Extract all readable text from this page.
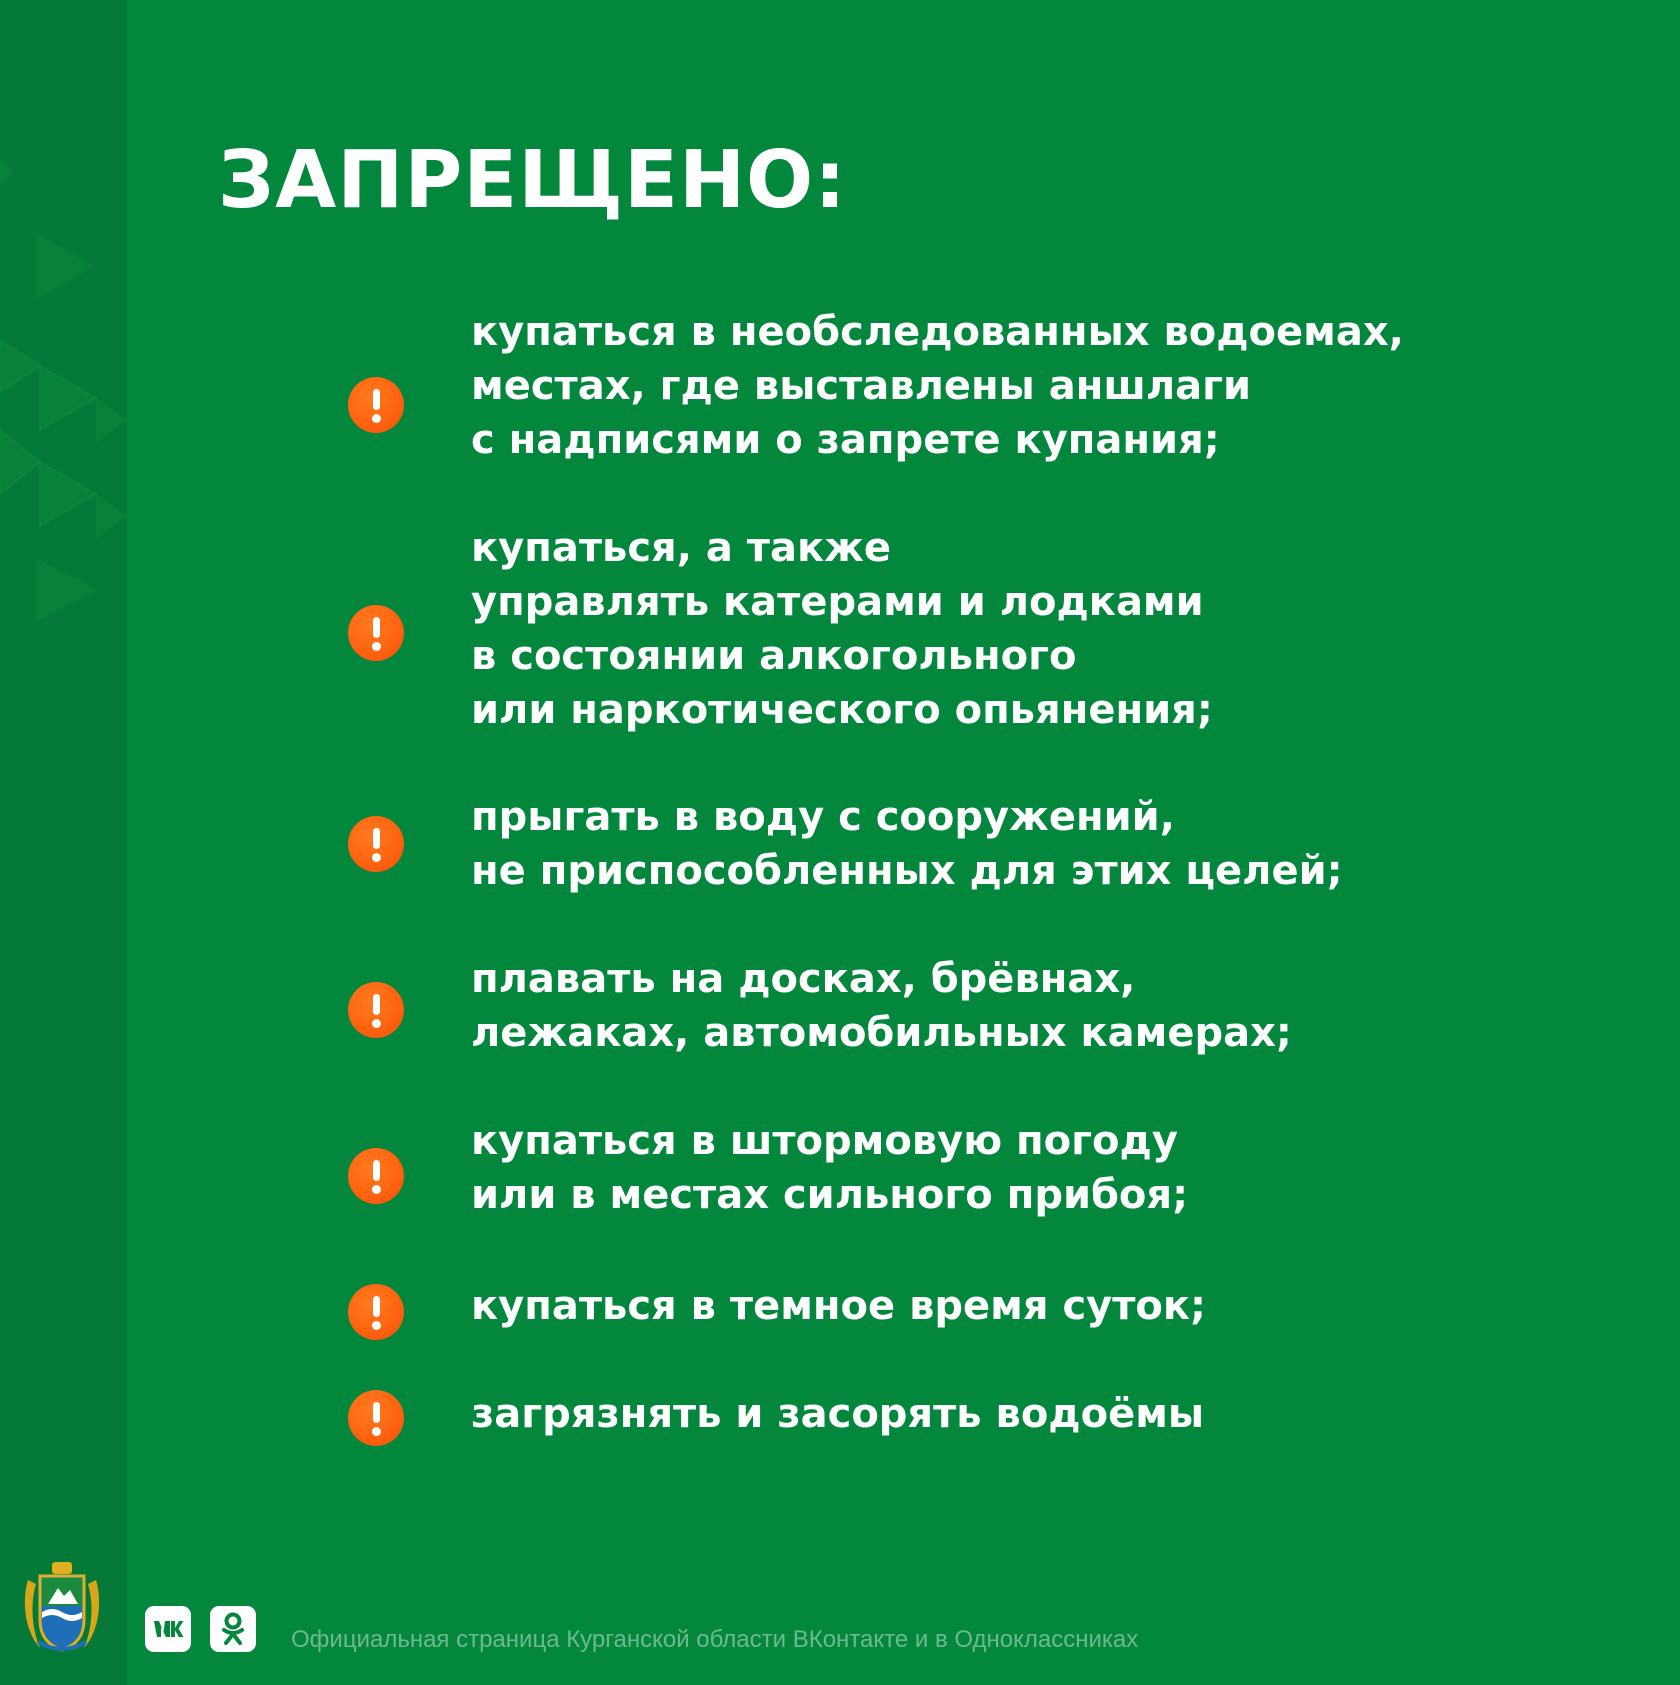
ЗАПРЕЩЕНО:
купаться в необследованных водоемах,
местах, где выставлены аншлаги
с надписями о запрете купания;
купаться, а также
управлять катерами и лодками
в состоянии алкогольного
или наркотического опьянения;
прыгать в воду с сооружений,
не приспособленных для этих целей;
плавать на досках, брёвнах,
лежаках, автомобильных камерах;
купаться в штормовую погоду
или в местах сильного прибоя;
купаться в темное время суток;
загрязнять и засорять водоёмы
Официальная страница Курганской области ВКонтакте и в Одноклассниках
